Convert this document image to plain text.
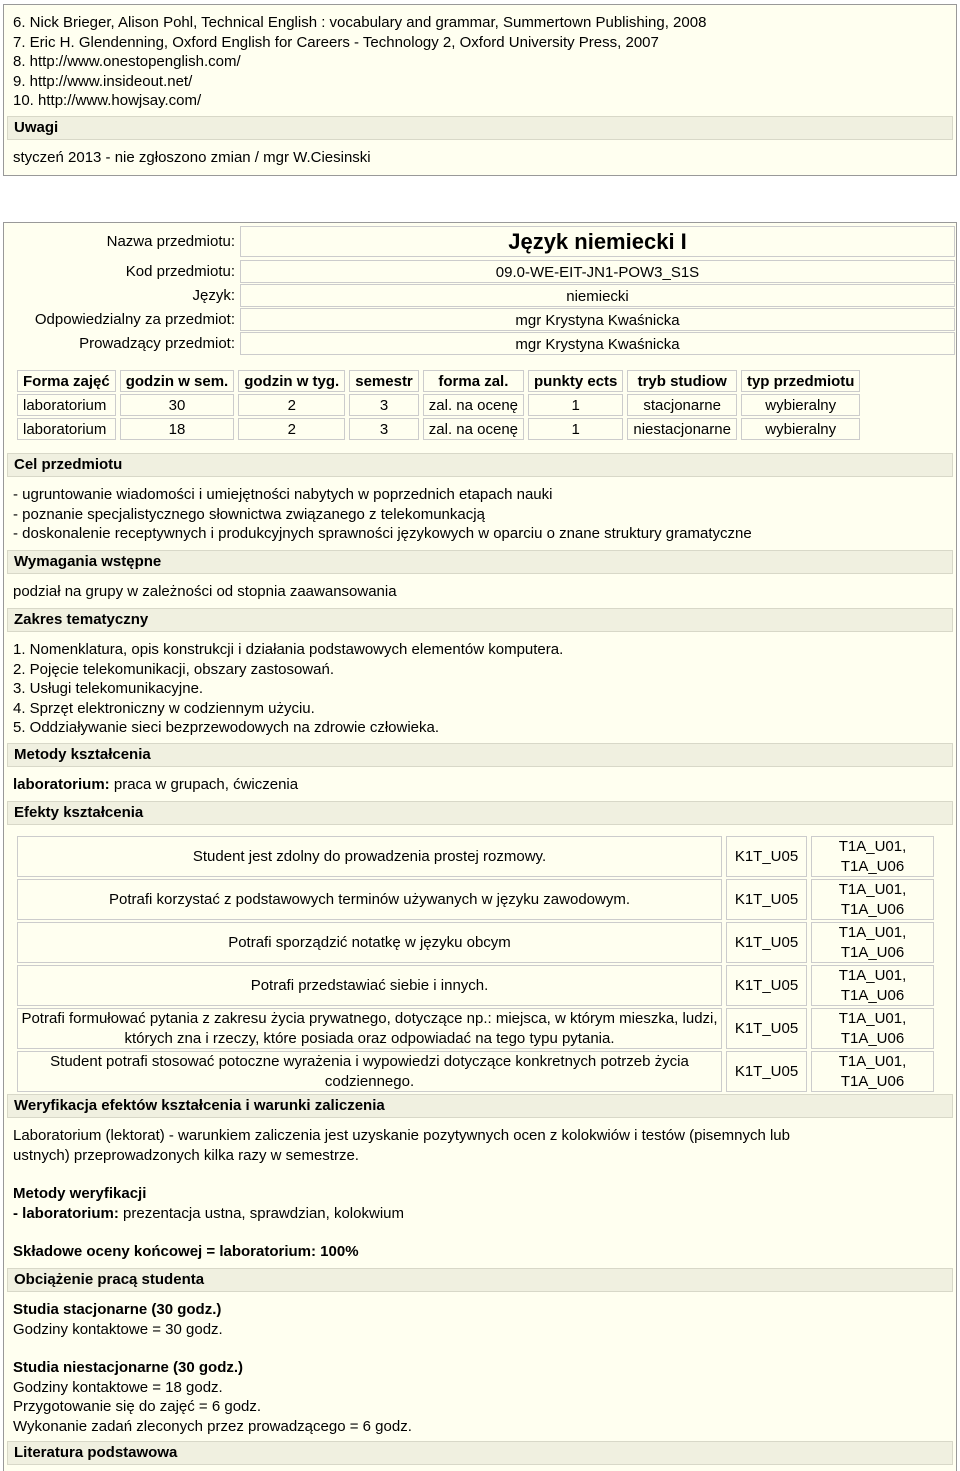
6. Nick Brieger, Alison Pohl, Technical English : vocabulary and grammar, Summertown Publishing, 2008
7. Eric H. Glendenning, Oxford English for Careers - Technology 2, Oxford University Press, 2007
8. http://www.onestopenglish.com/
9. http://www.insideout.net/
10. http://www.howjsay.com/
Uwagi
styczeń 2013 - nie zgłoszono zmian / mgr W.Ciesinski
Nazwa przedmiotu:	Język niemiecki I
Kod przedmiotu:	09.0-WE-EIT-JN1-POW3_S1S
Język:	niemiecki
Odpowiedzialny za przedmiot:	mgr Krystyna Kwaśnicka
Prowadzący przedmiot:	mgr Krystyna Kwaśnicka
Forma zajęć	godzin w sem.	godzin w tyg.	semestr	forma zal.	punkty ects	tryb studiow	typ przedmiotu
laboratorium	30	2	3	zal. na ocenę	1	stacjonarne	wybieralny
laboratorium	18	2	3	zal. na ocenę	1	niestacjonarne	wybieralny
Cel przedmiotu
- ugruntowanie wiadomości i umiejętności nabytych w poprzednich etapach nauki
- poznanie specjalistycznego słownictwa związanego z telekomunkacją
- doskonalenie receptywnych i produkcyjnych sprawności językowych w oparciu o znane struktury gramatyczne
Wymagania wstępne
podział na grupy w zależności od stopnia zaawansowania
Zakres tematyczny
1. Nomenklatura, opis konstrukcji i działania podstawowych elementów komputera.
2. Pojęcie telekomunikacji, obszary zastosowań.
3. Usługi telekomunikacyjne.
4. Sprzęt elektroniczny w codziennym użyciu.
5. Oddziaływanie sieci bezprzewodowych na zdrowie człowieka.
Metody kształcenia
laboratorium: praca w grupach, ćwiczenia
Efekty kształcenia
Student jest zdolny do prowadzenia prostej rozmowy.	K1T_U05	T1A_U01,
T1A_U06

Potrafi korzystać z podstawowych terminów używanych w języku zawodowym.	K1T_U05	T1A_U01,
T1A_U06

Potrafi sporządzić notatkę w języku obcym	K1T_U05	T1A_U01,
T1A_U06

Potrafi przedstawiać siebie i innych.	K1T_U05	T1A_U01,
T1A_U06

Potrafi formułować pytania z zakresu życia prywatnego, dotyczące np.: miejsca, w którym mieszka, ludzi, których zna i rzeczy, które posiada oraz odpowiadać na tego typu pytania.	K1T_U05	T1A_U01,
T1A_U06

Student potrafi stosować potoczne wyrażenia i wypowiedzi dotyczące konkretnych potrzeb życia codziennego.	K1T_U05	T1A_U01,
T1A_U06
Weryfikacja efektów kształcenia i warunki zaliczenia
Laboratorium (lektorat) - warunkiem zaliczenia jest uzyskanie pozytywnych ocen z kolokwiów i testów (pisemnych lub
ustnych) przeprowadzonych kilka razy w semestrze.
Metody weryfikacji
- laboratorium: prezentacja ustna, sprawdzian, kolokwium
Składowe oceny końcowej = laboratorium: 100%
Obciążenie pracą studenta
Studia stacjonarne (30 godz.)
Godziny kontaktowe = 30 godz.
Studia niestacjonarne (30 godz.)
Godziny kontaktowe = 18 godz.
Przygotowanie się do zajęć = 6 godz.
Wykonanie zadań zleconych przez prowadzącego = 6 godz.
Literatura podstawowa
